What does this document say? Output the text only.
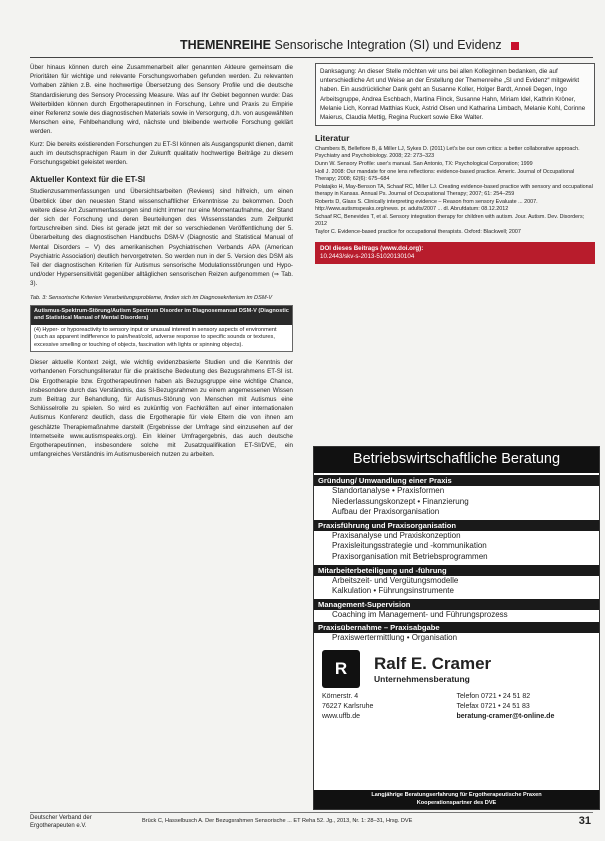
THEMENREIHE Sensorische Integration (SI) und Evidenz

Über hinaus können durch eine Zusammenarbeit aller genannten Akteure gemeinsam die Prioritäten für wichtige und relevante Forschungsvorhaben gefunden werden. Zu relevanten Vorhaben zählen z.B. eine hochwertige Übersetzung des Sensory Profile und die deutsche Standardisierung des Sensory Processing Measure. Was auf Ihr Gebiet begonnen wurde: Das Weiterbilden können durch Ergotherapeutinnen in Forschung, Lehre und Praxis zu Empirie einer Referenz sowie des diagnostischen Materials sowie in Versorgung, d.h. von ausgewählten Menschen eine, Fehlbehandlung wird, nächste und bleibende wertvolle Forschung geklärt werden.

Kurz: Die bereits existierenden Forschungen zu ET-SI können als Ausgangspunkt dienen, damit auch im deutschsprachigen Raum in der Zukunft qualitativ hochwertige Beiträge zu diesem Forschungsgebiet geleistet werden.

Aktueller Kontext für die ET-SI

Studienzusammenfassungen und Übersichtsarbeiten (Reviews) sind hilfreich, um einen Überblick über den neuesten Stand wissenschaftlicher Erkenntnisse zu bekommen. Doch weitere diese Art Zusammenfassungen sind nicht immer nur eine Momentaufnahme, der Stand der sich der Forschung und deren Beurteilungen des Wissensstandes zum Zeitpunkt fortzuschreiben sind. Dies ist gerade jetzt mit der so verschiedenen Veröffentlichung der 5. Überarbeitung des diagnostischen Handbuchs DSM-V (Diagnostic and Statistical Manual of Mental Disorders – V) des amerikanischen Psychiatrischen Verbands APA (American Psychiatric Association) deutlich hervorgetreten. So werden nun in der 5. Version des DSM als Teil der diagnostischen Kriterien für Autismus sensorische Modulationsstörungen und Hypo- und/oder Hypersensitivität gegenüber alltäglichen sensorischen Reizen aufgenommen (⇒ Tab. 3).

Tab. 3: Sensorische Kriterien Verarbeitungsprobleme, finden sich im Diagnosekriterium im DSM-V
Autismus-Spektrum-Störung/Autism Spectrum Disorder im Diagnosemanual DSM-V (Diagnostic and Statistical Manual of Mental Disorders)
(4) Hyper- or hyporeactivity to sensory input or unusual interest in sensory aspects of environment (such as apparent indifference to pain/heat/cold, adverse response to specific sounds or textures, excessive smelling or touching of objects, fascination with lights or spinning objects).

Dieser aktuelle Kontext zeigt, wie wichtig evidenzbasierte Studien und die Kenntnis der vorhandenen Forschungsliteratur für die praktische Bedeutung des Bezugsrahmens ET-SI ist. Die Ergotherapie bzw. Ergotherapeutinnen haben als Bezugsgruppe eine wichtige Chance, insbesondere durch das Verständnis, das SI-Bezugsrahmen zu einem angemessenen Wissen zum Beitrag zur Behandlung, für Autismus-Störung von Menschen mit Autismus eine Schlüsselrolle zu spielen. So wird es zukünftig von Fachkräften auf einer internationalen Autismus Konferenz deutlich, dass die Ergotherapie für viele Eltern die von ihnen am geschätzte Therapiemaßnahme darstellt (Ergebnisse der Umfrage sind einzusehen auf der Internetseite www.autismspeaks.org). Ein kleiner Umfragergebnis, das auch deutsche Ergotherapeutinnen, insbesondere solche mit Zusatzqualifikation ET-SI/DVE, ein umfangreiches Verständnis im Autismusbereich nutzen zu arbeiten.

Danksagung: An dieser Stelle möchten wir uns bei allen Kolleginnen bedanken, die auf unterschiedliche Art und Weise an der Erstellung der Themenreihe „SI und Evidenz“ mitgewirkt haben. Ein ausdrücklicher Dank geht an Susanne Koller, Holger Bardt, Anneli Degen, Ingo Arbeitsgruppe, Andrea Eschbach, Martina Flinck, Susanne Hahn, Miriam Idel, Kathrin Kröner, Melanie Lich, Konrad Matthias Kuck, Astrid Olsen und Katharina Limbach, Melanie Kohl, Corinne Maierus, Claudia Mettig, Regina Ruckert sowie Elke Walter.
Literatur

Chambers B, Bellefiore B, & Miller LJ, Sykes D. (2011) Let's be our own critics: a better collaborative approach. Psychiatry and Psychobiology. 2008; 22: 273–323

Dunn W. Sensory Profile: user's manual. San Antonio, TX: Psychological Corporation; 1999

Holl J. 2008: Our mandate for one lens reflections: evidence-based practice. Americ. Journal of Occupational Therapy; 2008; 62(6): 675–684

Polatajko H, May-Benson TA, Schaaf RC, Miller LJ. Creating evidence-based practice with sensory and occupational therapy in Kansas. Annual Ps. Journal of Occupational Therapy; 2007; 61: 254–259

Roberts D, Glass S. Clinically interpreting evidence – Reason from sensory Evaluate ... 2007. http://www.autismspeaks.org/news. pr. adults/2007 ... dl. Abrufdatum: 08.12.2012

Schaaf RC, Benevides T, et al. Sensory integration therapy for children with autism. Jour. Autism. Dev. Disorders; 2012

Taylor C. Evidence-based practice for occupational therapists. Oxford: Blackwell; 2007

DOI dieses Beitrags (www.doi.org):
10.2443/skv-s-2013-51020130104
Betriebswirtschaftliche Beratung
Gründung/ Umwandlung einer Praxis
Standortanalyse • Praxisformen
Niederlassungskonzept • Finanzierung
Aufbau der Praxisorganisation
Praxisführung und Praxisorganisation
Praxisanalyse und Praxiskonzeption
Praxisleitungsstrategie und -kommunikation
Praxisorganisation mit Betriebsprogrammen
Mitarbeiterbeteiligung und -führung
Arbeitszeit- und Vergütungsmodelle
Kalkulation • Führungsinstrumente
Management-Supervision
Coaching im Management- und Führungsprozess
Praxisübernahme – Praxisabgabe
Praxiswertermittlung • Organisation
R	Ralf E. Cramer
Unternehmensberatung
Körnerstr. 4	Telefon 0721 • 24 51 82
76227 Karlsruhe	Telefax 0721 • 24 51 83
www.uffb.de	beratung-cramer@t-online.de
Langjährige Beratungserfahrung für Ergotherapeutische Praxen
Kooperationspartner des DVE
Deutscher Verband der
Ergotherapeuten e.V.
Brück C, Hasselbusch A. Der Bezugsrahmen Sensorische ... ET Reha 52. Jg., 2013, Nr. 1: 28–31, Hrsg. DVE	31
